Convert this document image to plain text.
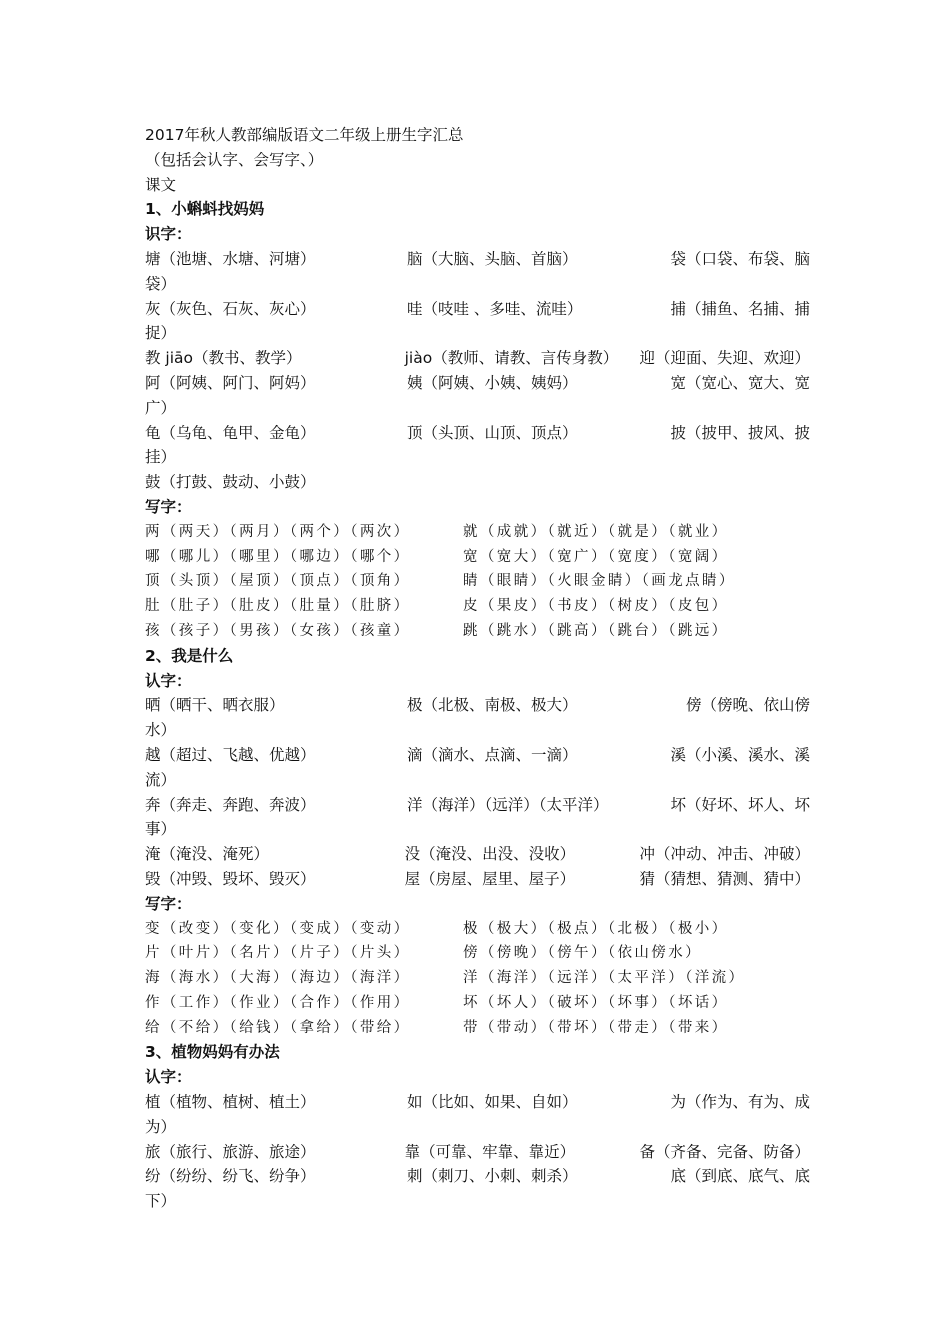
2017年秋人教部编版语文二年级上册生字汇总
（包括会认字、会写字、）
课文
1、小蝌蚪找妈妈
识字：
塘（池塘、水塘、河塘）	脑（大脑、头脑、首脑）	袋（口袋、布袋、脑
袋）
灰（灰色、石灰、灰心）	哇（吱哇 、多哇、流哇）	捕（捕鱼、名捕、捕
捉）
教 jiāo（教书、教学）	jiào（教师、请教、言传身教）	迎（迎面、失迎、欢迎）
阿（阿姨、阿门、阿妈）	姨（阿姨、小姨、姨妈）	宽（宽心、宽大、宽
广）
龟（乌龟、龟甲、金龟）	顶（头顶、山顶、顶点）	披（披甲、披风、披
挂）
鼓（打鼓、鼓动、小鼓）
写字：
两（两天）（两月）（两个）（两次）	就（成就）（就近）（就是）（就业）
哪（哪儿）（哪里）（哪边）（哪个）	宽（宽大）（宽广）（宽度）（宽阔）
顶（头顶）（屋顶）（顶点）（顶角）	睛（眼睛）（火眼金睛）（画龙点睛）
肚（肚子）（肚皮）（肚量）（肚脐）	皮（果皮）（书皮）（树皮）（皮包）
孩（孩子）（男孩）（女孩）（孩童）	跳（跳水）（跳高）（跳台）（跳远）
2、我是什么
认字：
晒（晒干、晒衣服）	极（北极、南极、极大）	傍（傍晚、依山傍
水）
越（超过、飞越、优越）	滴（滴水、点滴、一滴）	溪（小溪、溪水、溪
流）
奔（奔走、奔跑、奔波）	洋（海洋）（远洋）（太平洋）	坏（好坏、坏人、坏
事）
淹（淹没、淹死）	没（淹没、出没、没收）	冲（冲动、冲击、冲破）
毁（冲毁、毁坏、毁灭）	屋（房屋、屋里、屋子）	猜（猜想、猜测、猜中）
写字：
变（改变）（变化）（变成）（变动）	极（极大）（极点）（北极）（极小）
片（叶片）（名片）（片子）（片头）	傍（傍晚）（傍午）（依山傍水）
海（海水）（大海）（海边）（海洋）	洋（海洋）（远洋）（太平洋）（洋流）
作（工作）（作业）（合作）（作用）	坏（坏人）（破坏）（坏事）（坏话）
给（不给）（给钱）（拿给）（带给）	带（带动）（带坏）（带走）（带来）
3、植物妈妈有办法
认字：
植（植物、植树、植土）	如（比如、如果、自如）	为（作为、有为、成
为）
旅（旅行、旅游、旅途）	靠（可靠、牢靠、靠近）	备（齐备、完备、防备）
纷（纷纷、纷飞、纷争）	刺（刺刀、小刺、刺杀）	底（到底、底气、底
下）
